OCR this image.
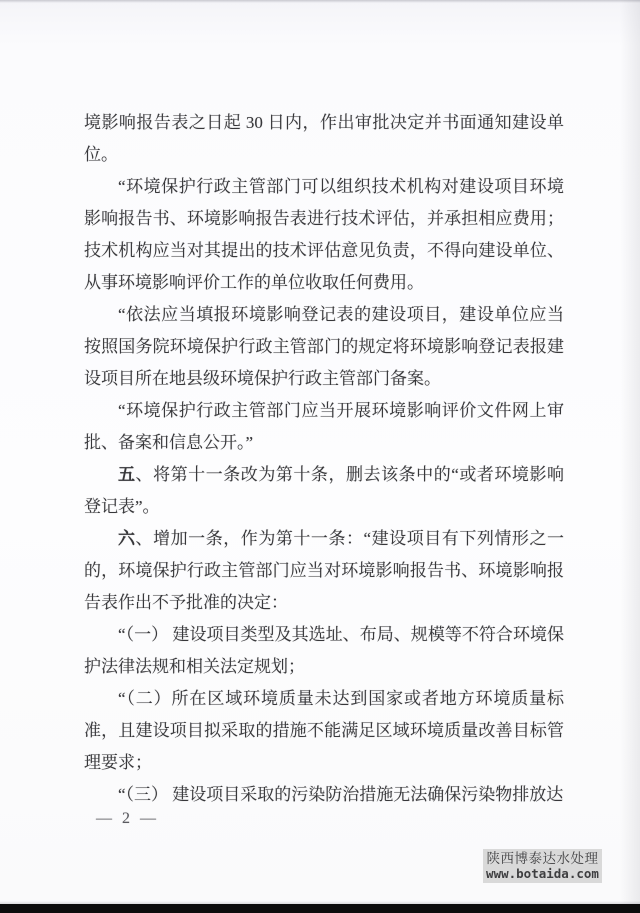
境影响报告表之日起 30 日内，作出审批决定并书面通知建设单位。

“环境保护行政主管部门可以组织技术机构对建设项目环境影响报告书、环境影响报告表进行技术评估，并承担相应费用；技术机构应当对其提出的技术评估意见负责，不得向建设单位、从事环境影响评价工作的单位收取任何费用。

“依法应当填报环境影响登记表的建设项目，建设单位应当按照国务院环境保护行政主管部门的规定将环境影响登记表报建设项目所在地县级环境保护行政主管部门备案。

“环境保护行政主管部门应当开展环境影响评价文件网上审批、备案和信息公开。”

五、将第十一条改为第十条，删去该条中的“或者环境影响登记表”。

六、增加一条，作为第十一条：“建设项目有下列情形之一的，环境保护行政主管部门应当对环境影响报告书、环境影响报告表作出不予批准的决定：

“（一） 建设项目类型及其选址、布局、规模等不符合环境保护法律法规和相关法定规划；

“（二）所在区域环境质量未达到国家或者地方环境质量标准，且建设项目拟采取的措施不能满足区域环境质量改善目标管理要求；

“（三） 建设项目采取的污染防治措施无法确保污染物排放达

— 2 —
陕西博泰达水处理
www.botaida.com
